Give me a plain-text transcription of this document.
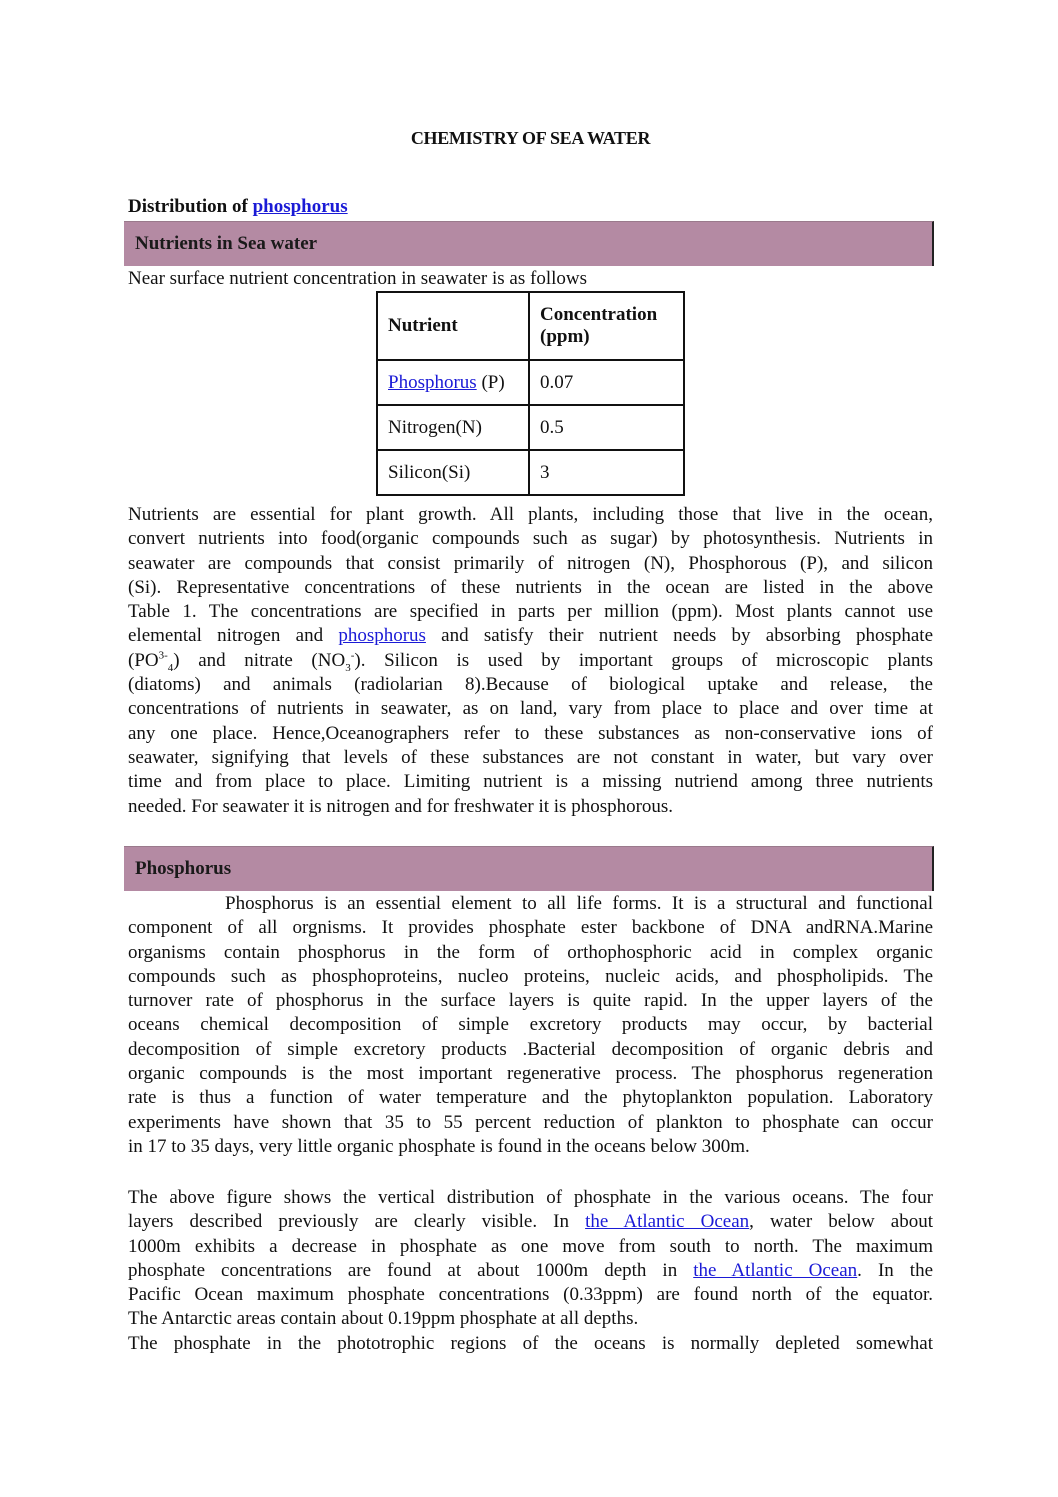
CHEMISTRY OF SEA WATER
Distribution of phosphorus
Nutrients in Sea water
Near surface nutrient concentration in seawater is as follows
Nutrient	Concentration (ppm)
Phosphorus (P)	0.07
Nitrogen(N)	0.5
Silicon(Si)	3
Nutrients are essential for plant growth. All plants, including those that live in the ocean,
convert nutrients into food(organic compounds such as sugar) by photosynthesis. Nutrients in
seawater are compounds that consist primarily of nitrogen (N), Phosphorous (P), and silicon
(Si). Representative concentrations of these nutrients in the ocean are listed in the above
Table 1. The concentrations are specified in parts per million (ppm). Most plants cannot use
elemental nitrogen and phosphorus and satisfy their nutrient needs by absorbing phosphate
$(PO^{3-}_4)$ and nitrate $(NO_3^-)$. Silicon is used by important groups of microscopic plants
(diatoms) and animals (radiolarian 8).Because of biological uptake and release, the
concentrations of nutrients in seawater, as on land, vary from place to place and over time at
any one place. Hence,Oceanographers refer to these substances as non-conservative ions of
seawater, signifying that levels of these substances are not constant in water, but vary over
time and from place to place. Limiting nutrient is a missing nutriend among three nutrients
needed. For seawater it is nitrogen and for freshwater it is phosphorous.
Phosphorus
Phosphorus is an essential element to all life forms. It is a structural and functional
component of all orgnisms. It provides phosphate ester backbone of DNA andRNA.Marine
organisms contain phosphorus in the form of orthophosphoric acid in complex organic
compounds such as phosphoproteins, nucleo proteins, nucleic acids, and phospholipids. The
turnover rate of phosphorus in the surface layers is quite rapid. In the upper layers of the
oceans chemical decomposition of simple excretory products may occur, by bacterial
decomposition of simple excretory products .Bacterial decomposition of organic debris and
organic compounds is the most important regenerative process. The phosphorus regeneration
rate is thus a function of water temperature and the phytoplankton population. Laboratory
experiments have shown that 35 to 55 percent reduction of plankton to phosphate can occur
in 17 to 35 days, very little organic phosphate is found in the oceans below 300m.
The above figure shows the vertical distribution of phosphate in the various oceans. The four
layers described previously are clearly visible. In the Atlantic Ocean, water below about
1000m exhibits a decrease in phosphate as one move from south to north. The maximum
phosphate concentrations are found at about 1000m depth in the Atlantic Ocean. In the
Pacific Ocean maximum phosphate concentrations (0.33ppm) are found north of the equator.
The Antarctic areas contain about 0.19ppm phosphate at all depths.
The phosphate in the phototrophic regions of the oceans is normally depleted somewhat
